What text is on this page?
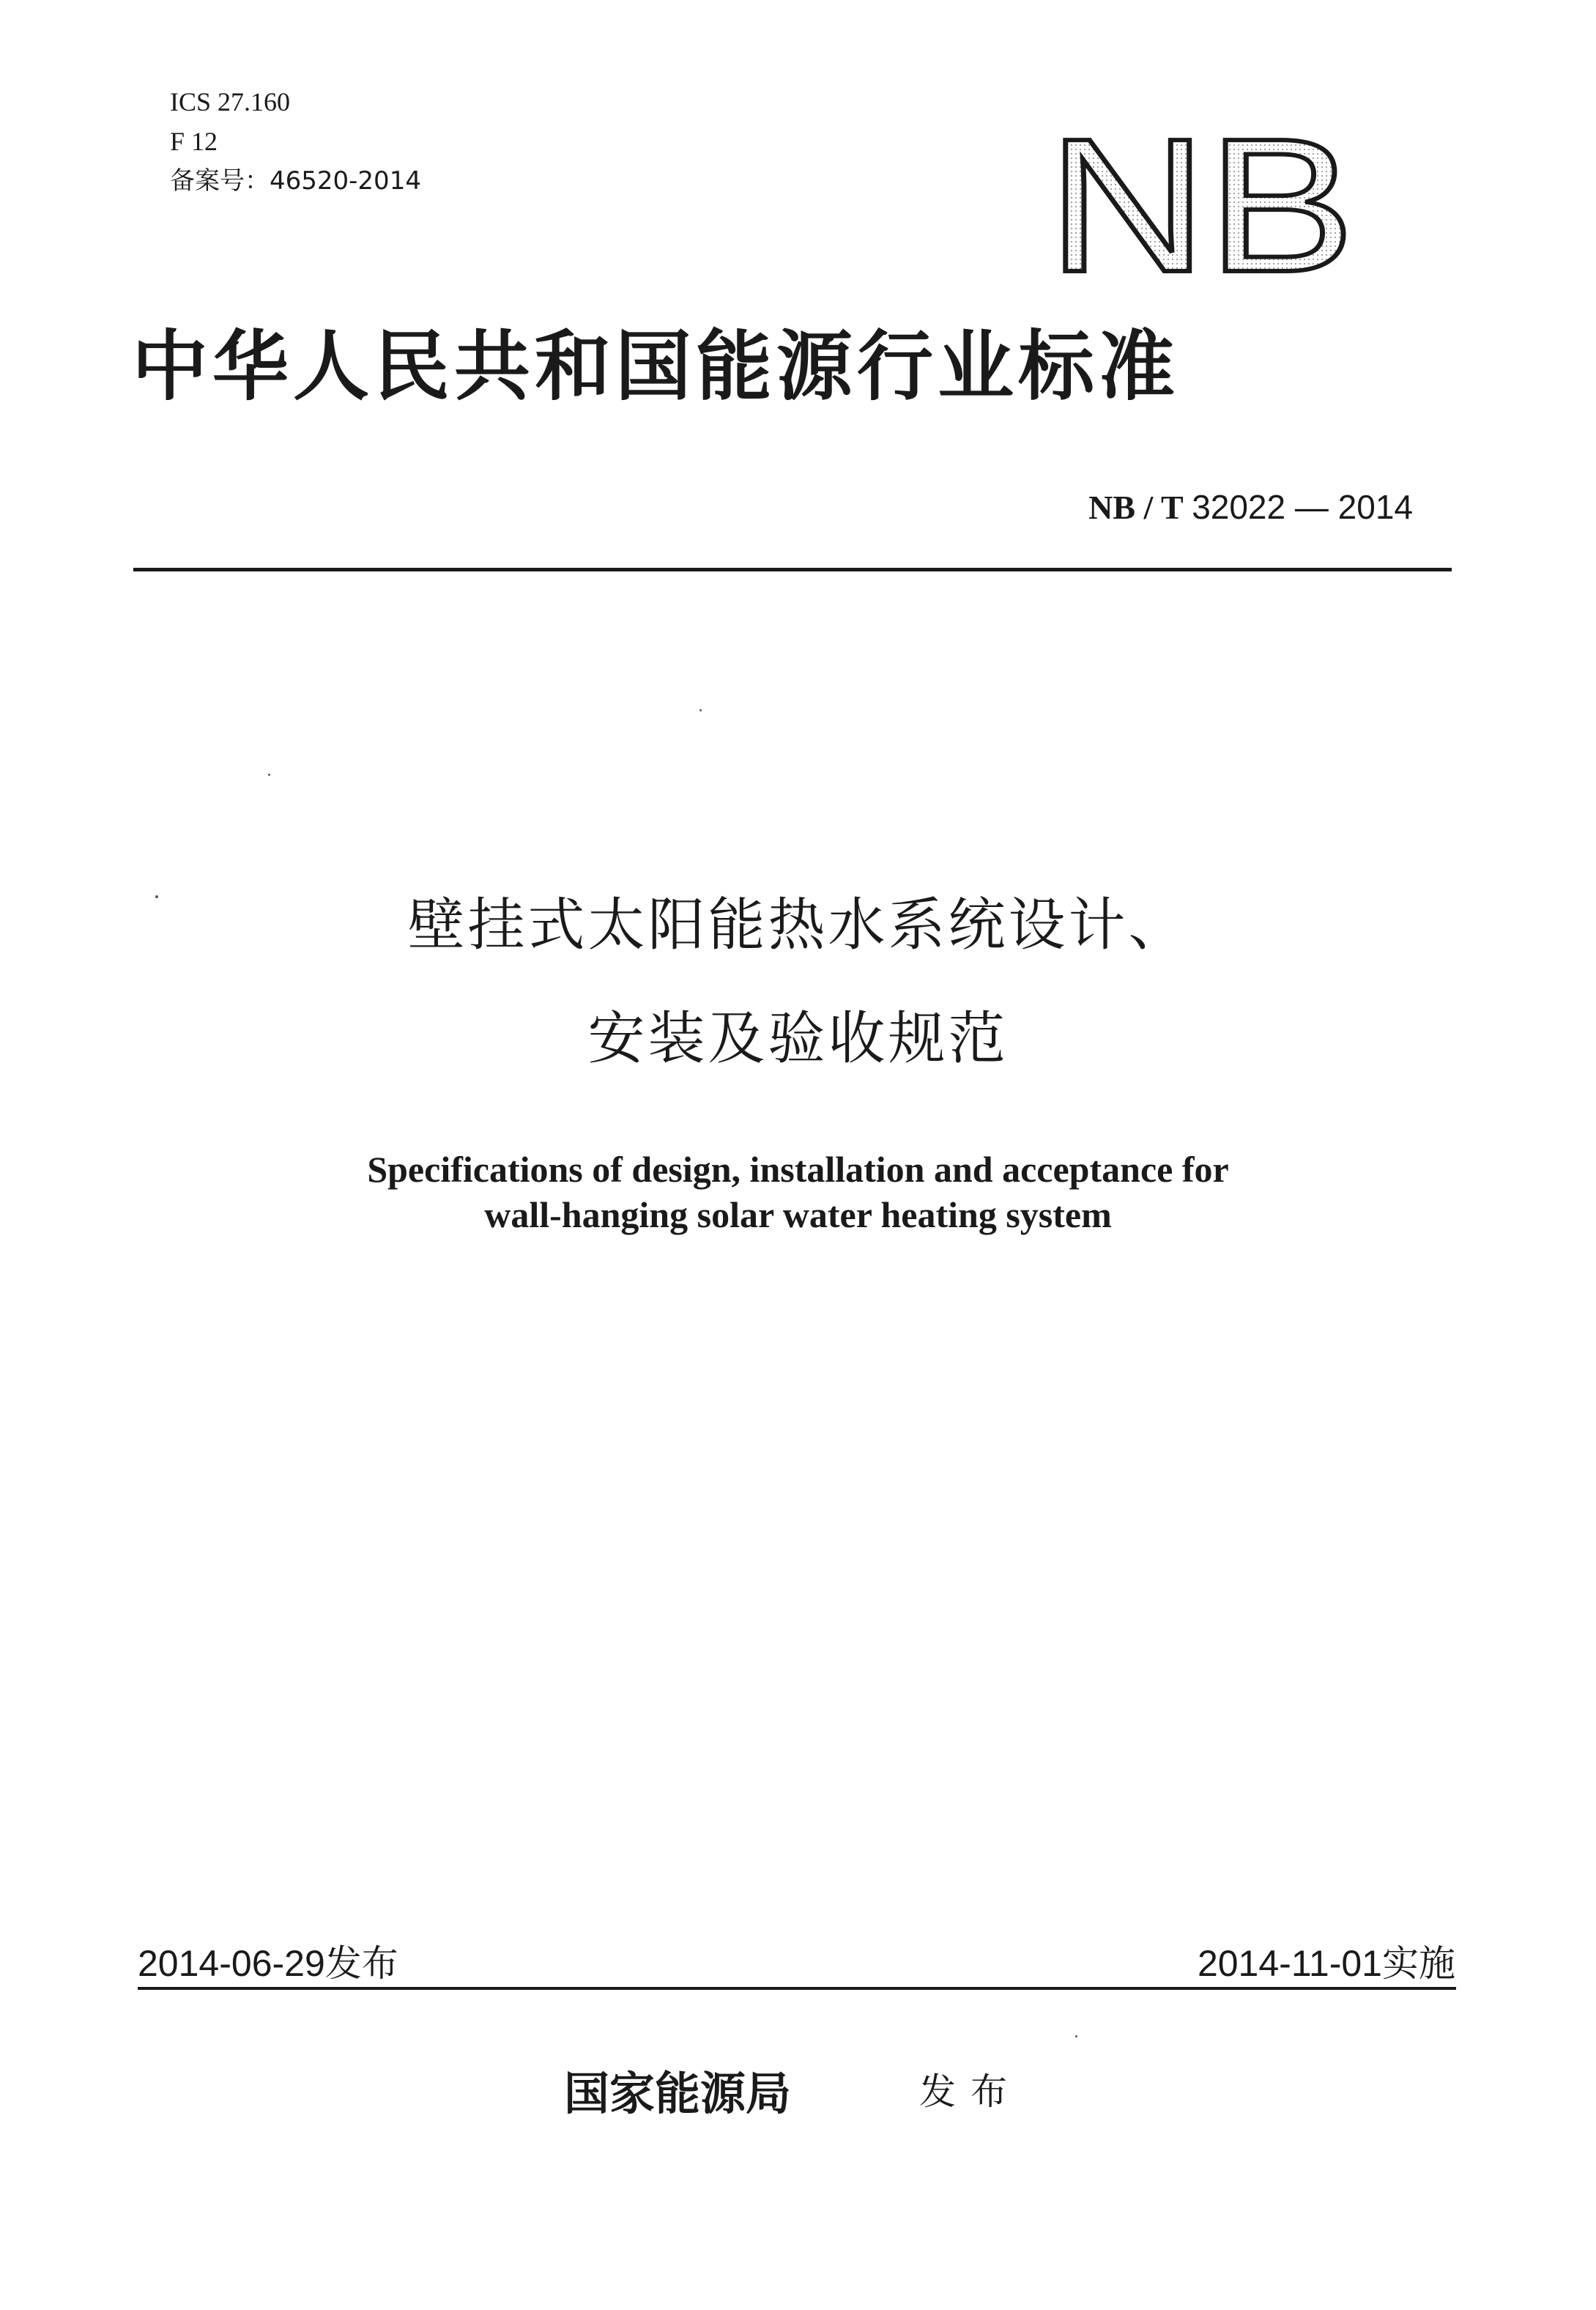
ICS 27.160
F 12
备案号：46520-2014	NB
中华人民共和国能源行业标准
NB / T 32022 — 2014
壁挂式太阳能热水系统设计、
安装及验收规范
Specifications of design, installation and acceptance for
wall-hanging solar water heating system
2014-06-29发布	2014-11-01实施
国家能源局	发布
